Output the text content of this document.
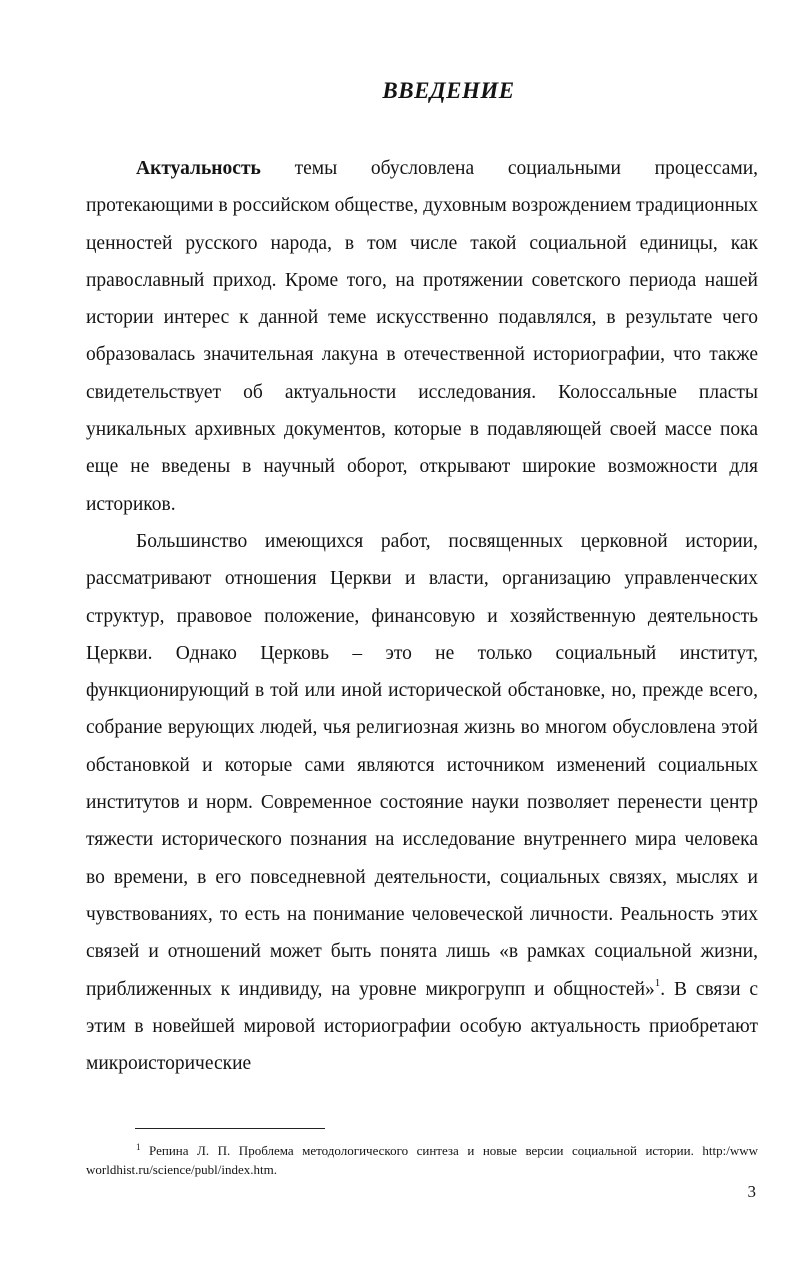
ВВЕДЕНИЕ

Актуальность темы обусловлена социальными процессами, протекающими в российском обществе, духовным возрождением традиционных ценностей русского народа, в том числе такой социальной единицы, как православный приход. Кроме того, на протяжении советского периода нашей истории интерес к данной теме искусственно подавлялся, в результате чего образовалась значительная лакуна в отечественной историографии, что также свидетельствует об актуальности исследования. Колоссальные пласты уникальных архивных документов, которые в подавляющей своей массе пока еще не введены в научный оборот, открывают широкие возможности для историков.

Большинство имеющихся работ, посвященных церковной истории, рассматривают отношения Церкви и власти, организацию управленческих структур, правовое положение, финансовую и хозяйственную деятельность Церкви. Однако Церковь – это не только социальный институт, функционирующий в той или иной исторической обстановке, но, прежде всего, собрание верующих людей, чья религиозная жизнь во многом обусловлена этой обстановкой и которые сами являются источником изменений социальных институтов и норм. Современное состояние науки позволяет перенести центр тяжести исторического познания на исследование внутреннего мира человека во времени, в его повседневной деятельности, социальных связях, мыслях и чувствованиях, то есть на понимание человеческой личности. Реальность этих связей и отношений может быть понята лишь «в рамках социальной жизни, приближенных к индивиду, на уровне микрогрупп и общностей»$^1$. В связи с этим в новейшей мировой историографии особую актуальность приобретают микроисторические

$^1$ Репина Л. П. Проблема методологического синтеза и новые версии социальной истории. http:/www worldhist.ru/science/publ/index.htm.
3
